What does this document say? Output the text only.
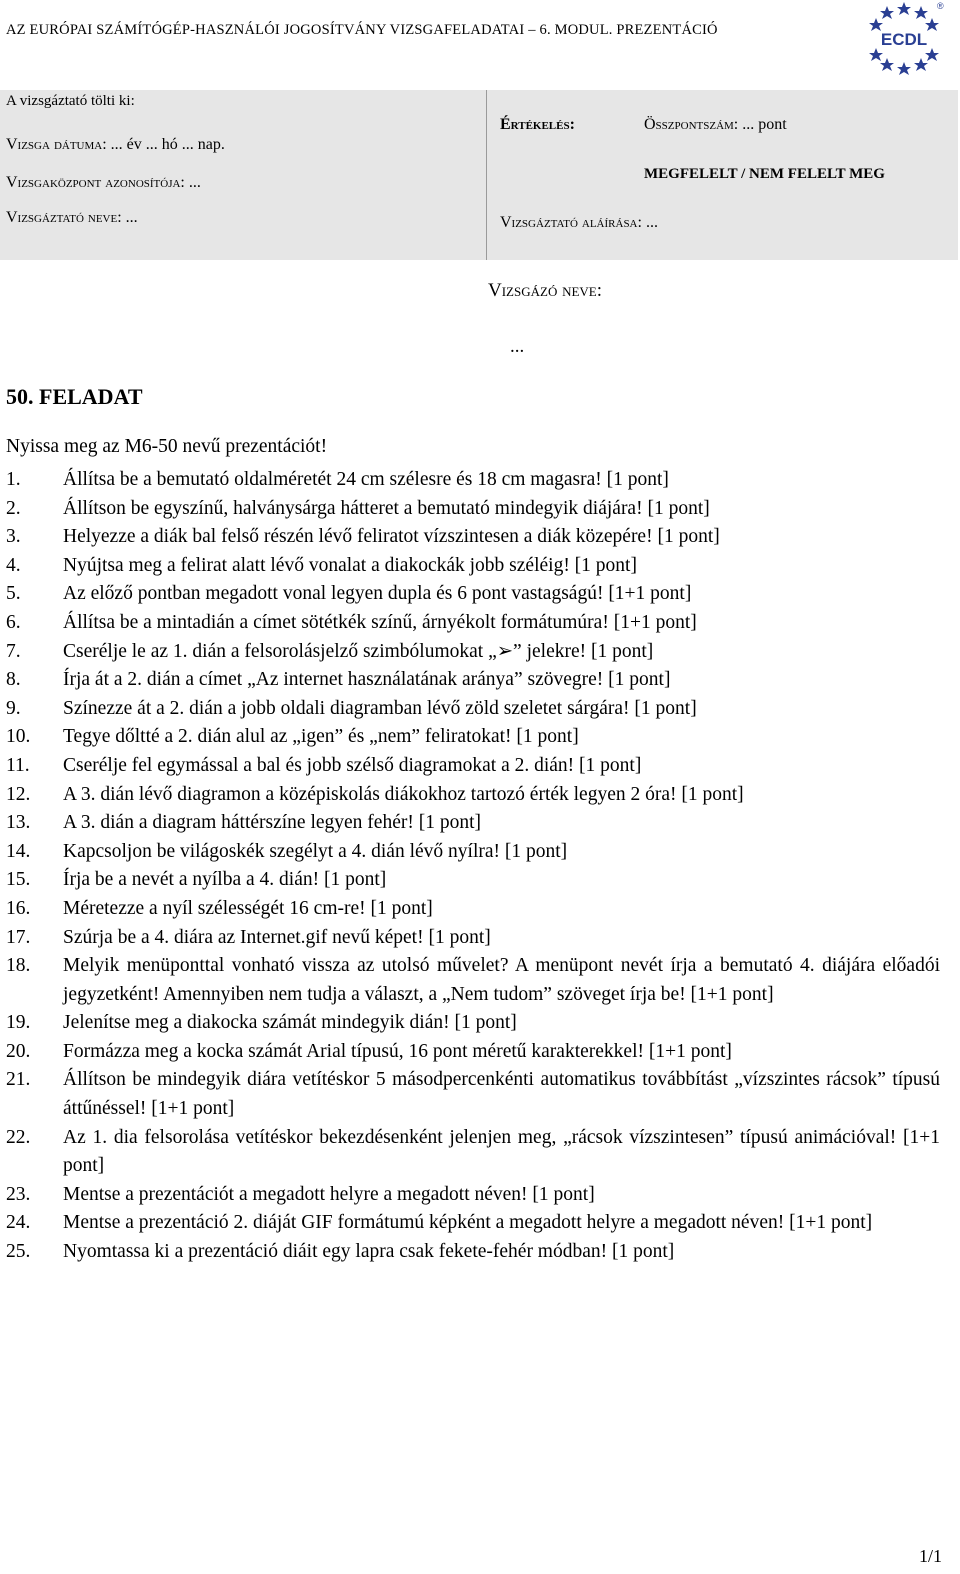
AZ EURÓPAI SZÁMÍTÓGÉP-HASZNÁLÓI JOGOSÍTVÁNY VIZSGAFELADATAI – 6. MODUL. PREZENTÁCIÓ	ECDL
®
A vizsgáztató tölti ki:
Vizsga dátuma: ... év ... hó ... nap.
Vizsgaközpont azonosítója: ...
Vizsgáztató neve: ...
Értékelés:	Összpontszám: ... pont
MEGFELELT / NEM FELELT MEG
Vizsgáztató aláírása: ...
Vizsgázó neve:
...
50. FELADAT
Nyissa meg az M6-50 nevű prezentációt!
1.	Állítsa be a bemutató oldalméretét 24 cm szélesre és 18 cm magasra! [1 pont]
2.	Állítson be egyszínű, halványsárga hátteret a bemutató mindegyik diájára! [1 pont]
3.	Helyezze a diák bal felső részén lévő feliratot vízszintesen a diák közepére! [1 pont]
4.	Nyújtsa meg a felirat alatt lévő vonalat a diakockák jobb széléig! [1 pont]
5.	Az előző pontban megadott vonal legyen dupla és 6 pont vastagságú! [1+1 pont]
6.	Állítsa be a mintadián a címet sötétkék színű, árnyékolt formátumúra! [1+1 pont]
7.	Cserélje le az 1. dián a felsorolásjelző szimbólumokat „➢” jelekre! [1 pont]
8.	Írja át a 2. dián a címet „Az internet használatának aránya” szövegre! [1 pont]
9.	Színezze át a 2. dián a jobb oldali diagramban lévő zöld szeletet sárgára! [1 pont]
10.	Tegye dőltté a 2. dián alul az „igen” és „nem” feliratokat! [1 pont]
11.	Cserélje fel egymással a bal és jobb szélső diagramokat a 2. dián! [1 pont]
12.	A 3. dián lévő diagramon a középiskolás diákokhoz tartozó érték legyen 2 óra! [1 pont]
13.	A 3. dián a diagram háttérszíne legyen fehér! [1 pont]
14.	Kapcsoljon be világoskék szegélyt a 4. dián lévő nyílra! [1 pont]
15.	Írja be a nevét a nyílba a 4. dián! [1 pont]
16.	Méretezze a nyíl szélességét 16 cm-re! [1 pont]
17.	Szúrja be a 4. diára az Internet.gif nevű képet! [1 pont]
18.	Melyik menüponttal vonható vissza az utolsó művelet? A menüpont nevét írja a bemutató 4. diájára előadói jegyzetként! Amennyiben nem tudja a választ, a „Nem tudom” szöveget írja be! [1+1 pont]
19.	Jelenítse meg a diakocka számát mindegyik dián! [1 pont]
20.	Formázza meg a kocka számát Arial típusú, 16 pont méretű karakterekkel! [1+1 pont]
21.	Állítson be mindegyik diára vetítéskor 5 másodpercenkénti automatikus továbbítást „vízszintes rácsok” típusú áttűnéssel! [1+1 pont]
22.	Az 1. dia felsorolása vetítéskor bekezdésenként jelenjen meg, „rácsok vízszintesen” típusú animációval! [1+1 pont]
23.	Mentse a prezentációt a megadott helyre a megadott néven! [1 pont]
24.	Mentse a prezentáció 2. diáját GIF formátumú képként a megadott helyre a megadott néven! [1+1 pont]
25.	Nyomtassa ki a prezentáció diáit egy lapra csak fekete-fehér módban! [1 pont]
1/1
